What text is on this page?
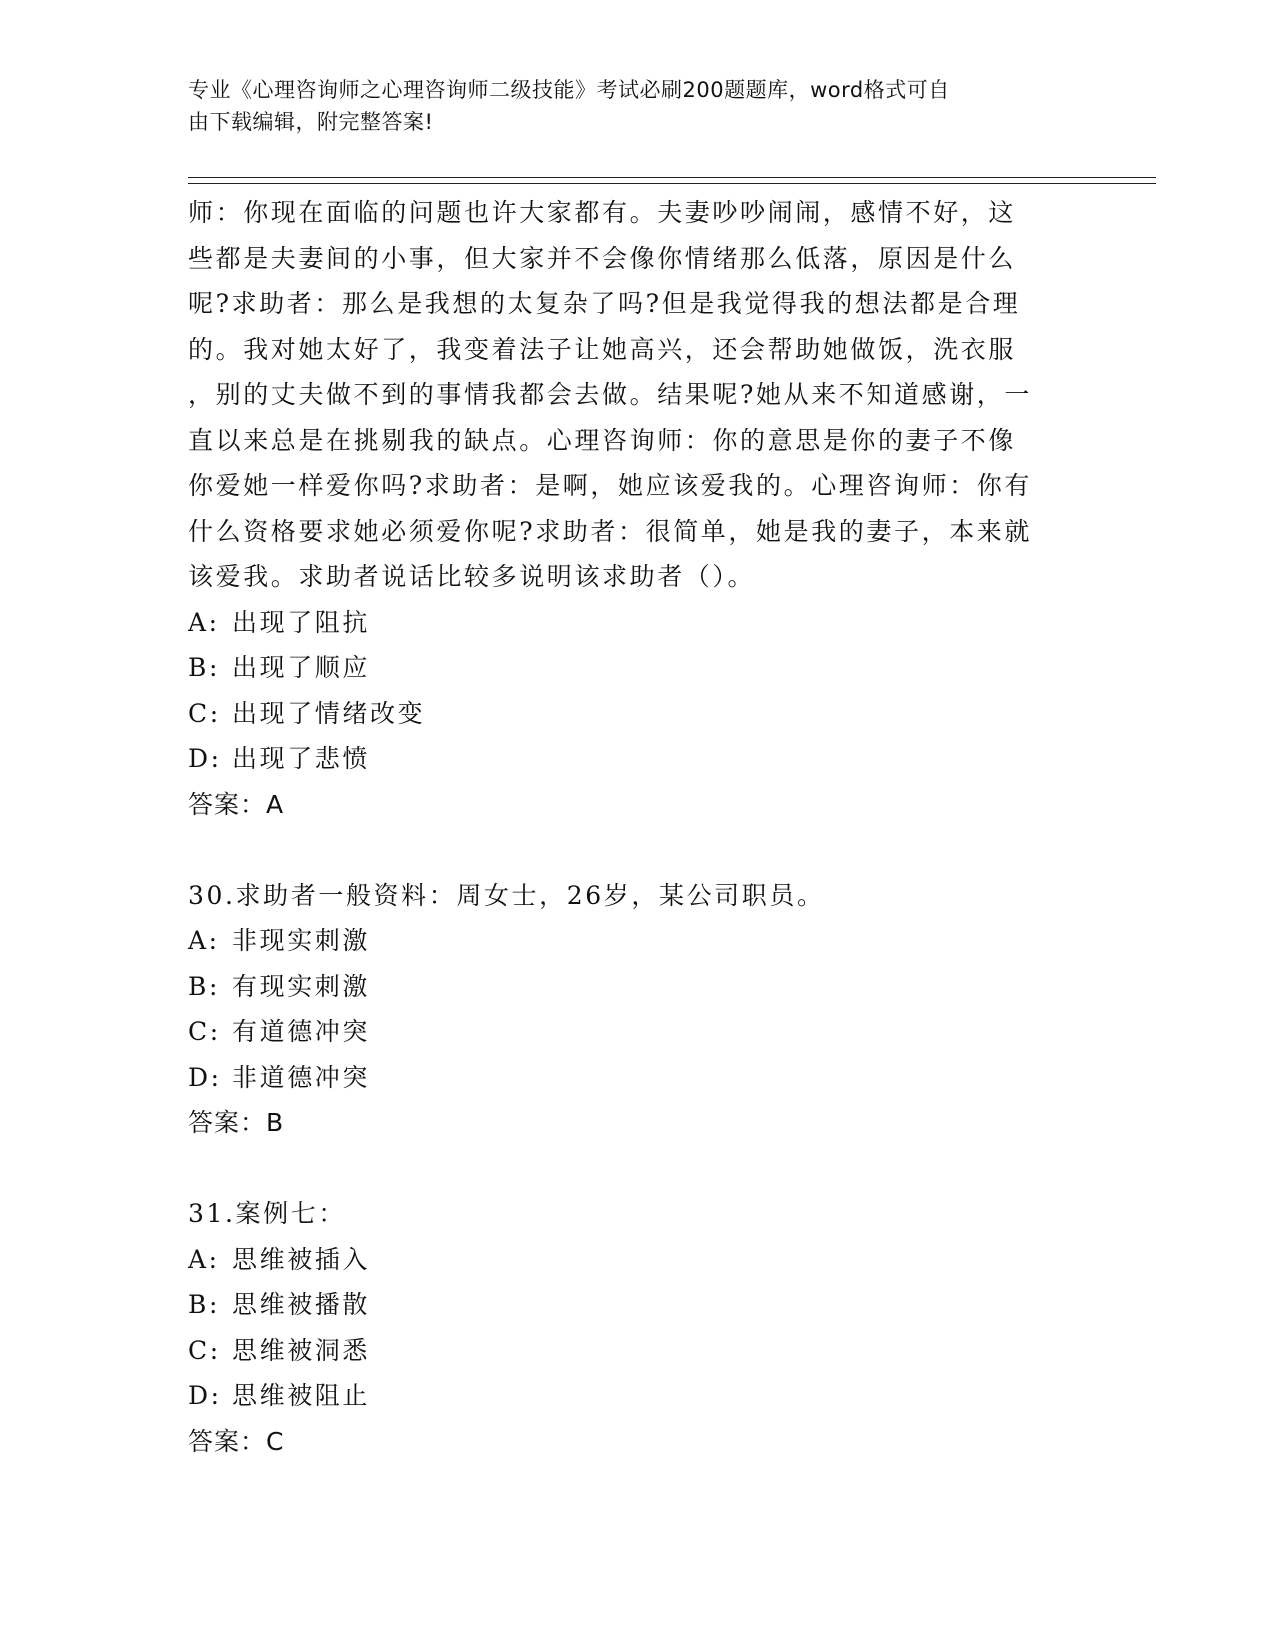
专业《心理咨询师之心理咨询师二级技能》考试必刷200题题库，word格式可自
由下载编辑，附完整答案!

师：你现在面临的问题也许大家都有。夫妻吵吵闹闹，感情不好，这

些都是夫妻间的小事，但大家并不会像你情绪那么低落，原因是什么

呢?求助者：那么是我想的太复杂了吗?但是我觉得我的想法都是合理

的。我对她太好了，我变着法子让她高兴，还会帮助她做饭，洗衣服

，别的丈夫做不到的事情我都会去做。结果呢?她从来不知道感谢，一

直以来总是在挑剔我的缺点。心理咨询师：你的意思是你的妻子不像

你爱她一样爱你吗?求助者：是啊，她应该爱我的。心理咨询师：你有

什么资格要求她必须爱你呢?求助者：很简单，她是我的妻子，本来就

该爱我。求助者说话比较多说明该求助者（）。

A: 出现了阻抗
B: 出现了顺应
C: 出现了情绪改变
D: 出现了悲愤

答案：A

30.求助者一般资料：周女士，26岁，某公司职员。

A: 非现实刺激
B: 有现实刺激
C: 有道德冲突
D: 非道德冲突

答案：B

31.案例七：

A: 思维被插入
B: 思维被播散
C: 思维被洞悉
D: 思维被阻止

答案：C
